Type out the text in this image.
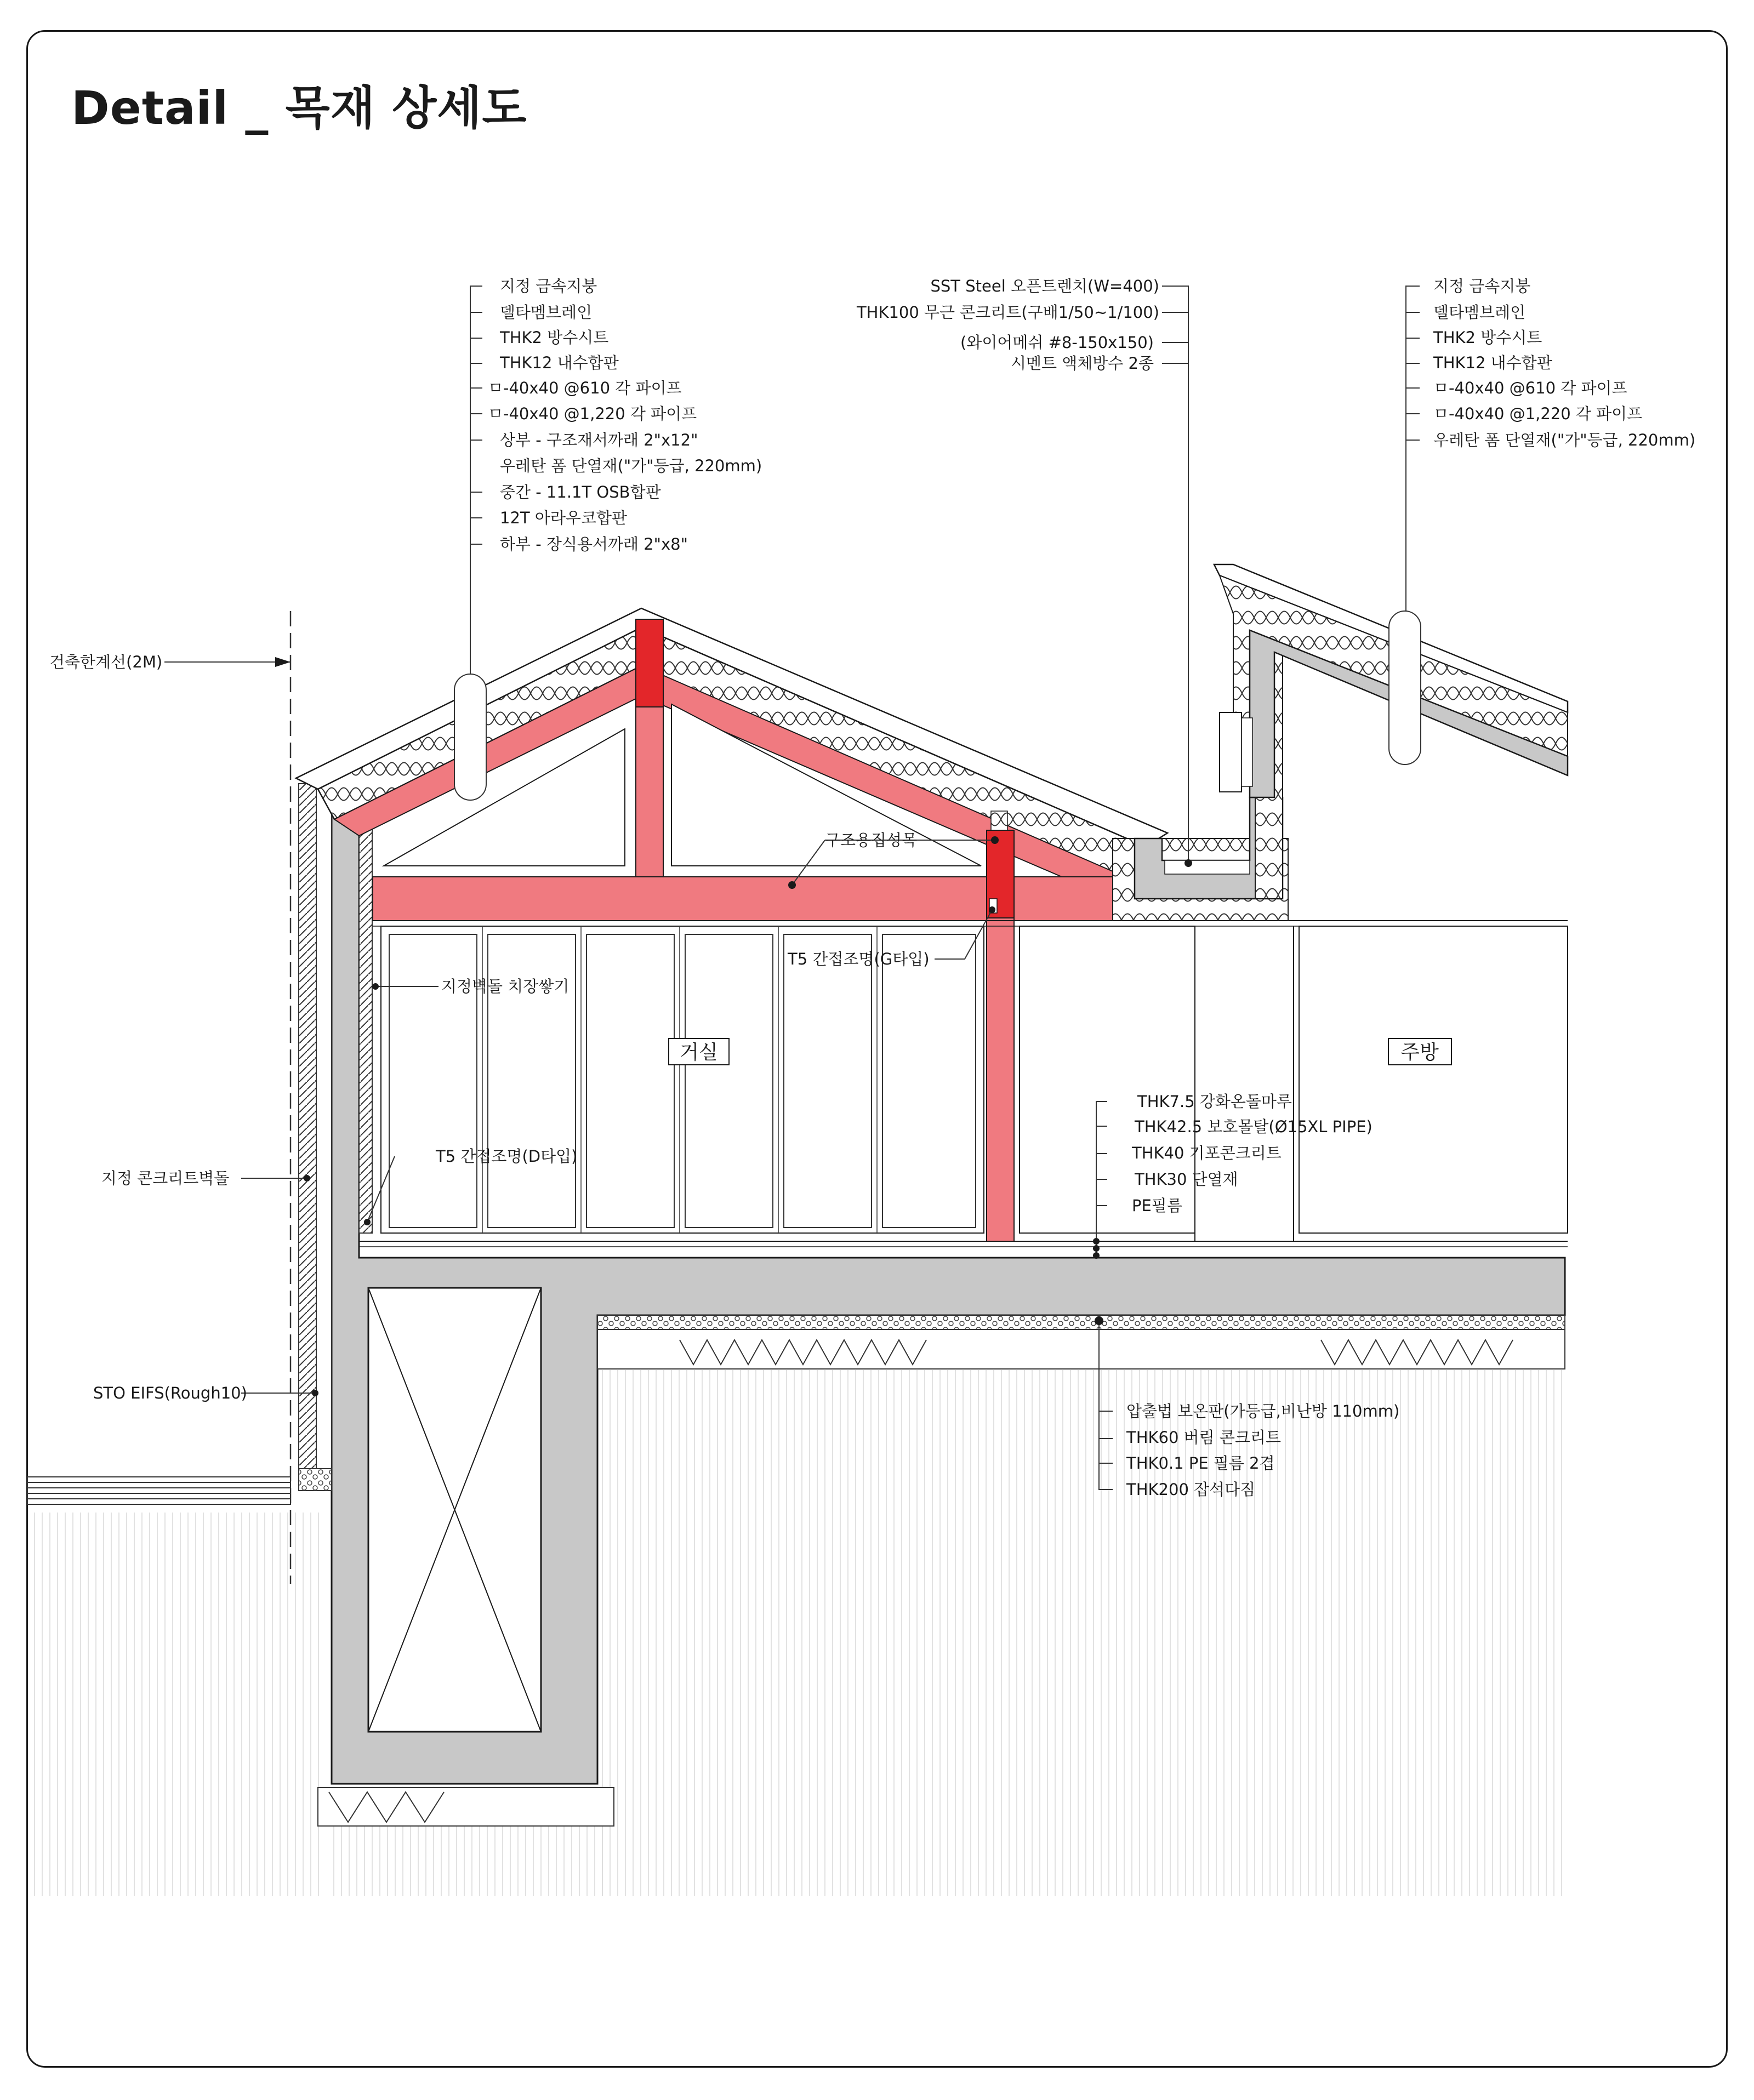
Detail _ 목재 상세도
거실	주방
지정 금속지붕
델타멤브레인
THK2 방수시트
THK12 내수합판
ㅁ-40x40 @610 각 파이프
ㅁ-40x40 @1,220 각 파이프
상부 - 구조재서까래 2"x12"
우레탄 폼 단열재("가"등급, 220mm)
중간 - 11.1T OSB합판
12T 아라우코합판
하부 - 장식용서까래 2"x8"
SST Steel 오픈트렌치(W=400)
THK100 무근 콘크리트(구배1/50~1/100)
(와이어메쉬 #8-150x150)
시멘트 액체방수 2종
지정 금속지붕
델타멤브레인
THK2 방수시트
THK12 내수합판
ㅁ-40x40 @610 각 파이프
ㅁ-40x40 @1,220 각 파이프
우레탄 폼 단열재("가"등급, 220mm)
건축한계선(2M)
구조용집성목
T5 간접조명(G타입)
지정벽돌 치장쌓기
T5 간접조명(D타입)
지정 콘크리트벽돌
STO EIFS(Rough10)
THK7.5 강화온돌마루
THK42.5 보호몰탈(Ø15XL PIPE)
THK40 기포콘크리트
THK30 단열재
PE필름
압출법 보온판(가등급,비난방 110mm)
THK60 버림 콘크리트
THK0.1 PE 필름 2겹
THK200 잡석다짐
